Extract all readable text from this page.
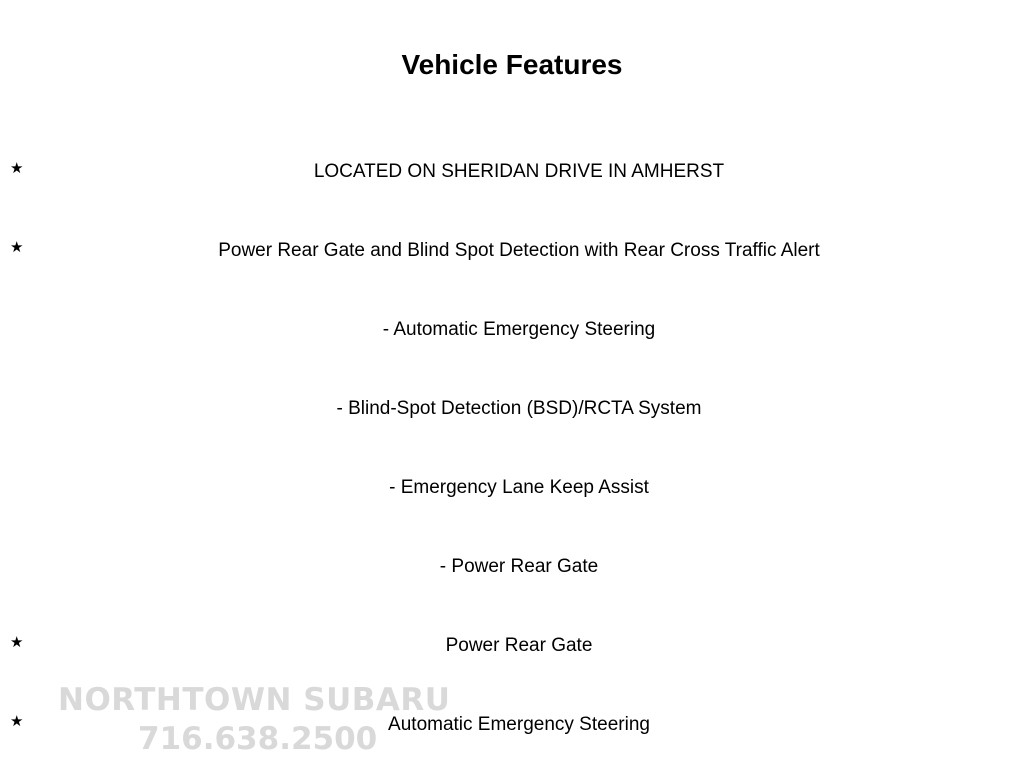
Vehicle Features
★	LOCATED ON SHERIDAN DRIVE IN AMHERST
★	Power Rear Gate and Blind Spot Detection with Rear Cross Traffic Alert
- Automatic Emergency Steering
- Blind-Spot Detection (BSD)/RCTA System
- Emergency Lane Keep Assist
- Power Rear Gate
★	Power Rear Gate
★	Automatic Emergency Steering
NORTHTOWN SUBARU
716.638.2500
